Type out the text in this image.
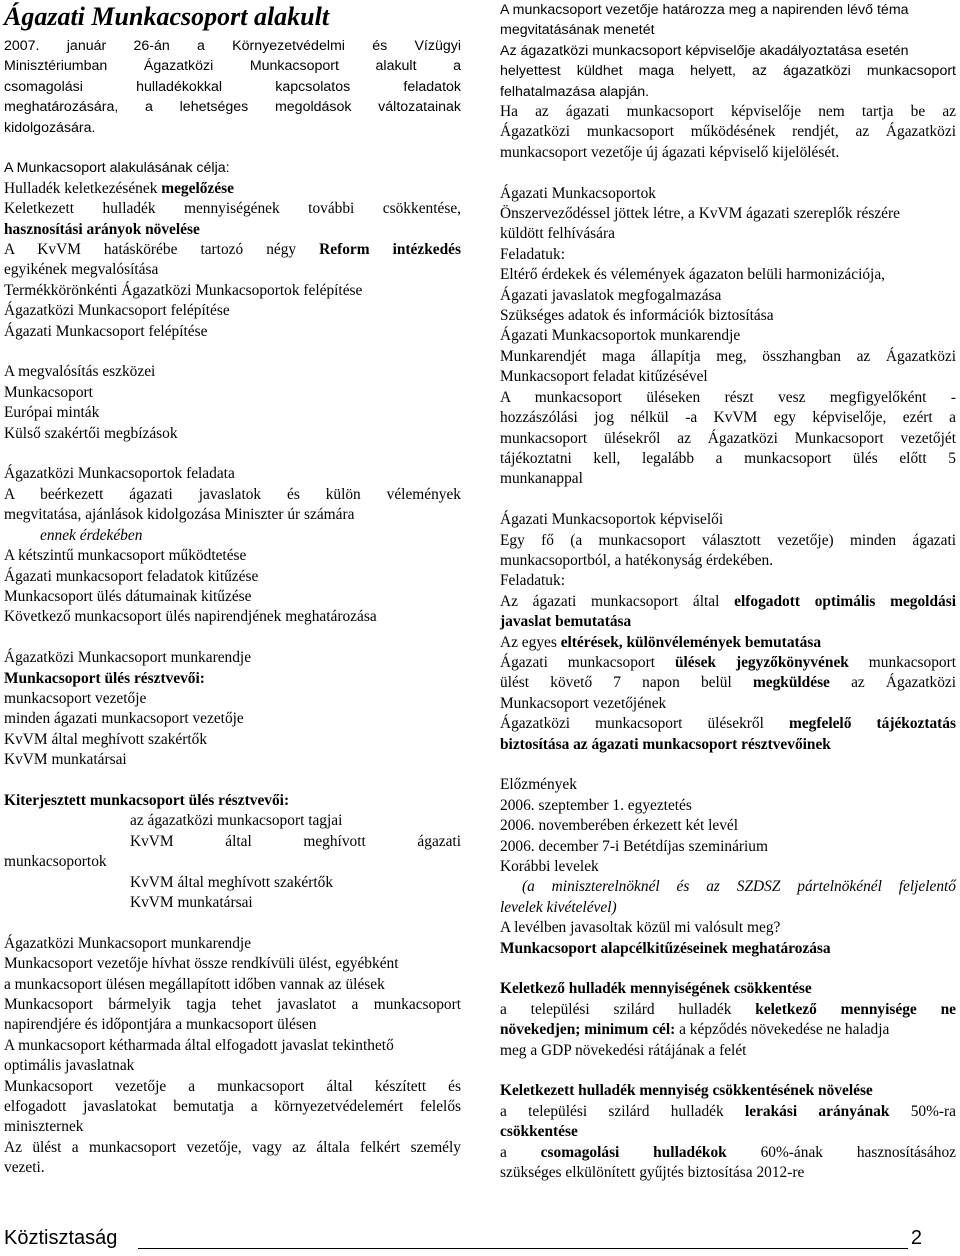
Ágazati Munkacsoport alakult
2007. január 26-án a Környezetvédelmi és Vízügyi
Minisztériumban Ágazatközi Munkacsoport alakult a
csomagolási hulladékokkal kapcsolatos feladatok
meghatározására, a lehetséges megoldások változatainak
kidolgozására.
A Munkacsoport alakulásának célja:
Hulladék keletkezésének megelőzése
Keletkezett hulladék mennyiségének további csökkentése,
hasznosítási arányok növelése
A KvVM hatáskörébe tartozó négy Reform intézkedés
egyikének megvalósítása
Termékkörönkénti Ágazatközi Munkacsoportok felépítése
Ágazatközi Munkacsoport felépítése
Ágazati Munkacsoport felépítése
A megvalósítás eszközei
Munkacsoport
Európai minták
Külső szakértői megbízások
Ágazatközi Munkacsoportok feladata
A beérkezett ágazati javaslatok és külön vélemények
megvitatása, ajánlások kidolgozása Miniszter úr számára
ennek érdekében
A kétszintű munkacsoport működtetése
Ágazati munkacsoport feladatok kitűzése
Munkacsoport ülés dátumainak kitűzése
Következő munkacsoport ülés napirendjének meghatározása
Ágazatközi Munkacsoport munkarendje
Munkacsoport ülés résztvevői:
munkacsoport vezetője
minden ágazati munkacsoport vezetője
KvVM által meghívott szakértők
KvVM munkatársai
Kiterjesztett munkacsoport ülés résztvevői:
az ágazatközi munkacsoport tagjai
KvVM által meghívott ágazati
munkacsoportok
KvVM által meghívott szakértők
KvVM munkatársai
Ágazatközi Munkacsoport munkarendje
Munkacsoport vezetője hívhat össze rendkívüli ülést, egyébként
a munkacsoport ülésen megállapított időben vannak az ülések
Munkacsoport bármelyik tagja tehet javaslatot a munkacsoport
napirendjére és időpontjára a munkacsoport ülésen
A munkacsoport kétharmada által elfogadott javaslat tekinthető
optimális javaslatnak
Munkacsoport vezetője a munkacsoport által készített és
elfogadott javaslatokat bemutatja a környezetvédelemért felelős
miniszternek
Az ülést a munkacsoport vezetője, vagy az általa felkért személy
vezeti.
A munkacsoport vezetője határozza meg a napirenden lévő téma
megvitatásának menetét
Az ágazatközi munkacsoport képviselője akadályoztatása esetén
helyettest küldhet maga helyett, az ágazatközi munkacsoport
felhatalmazása alapján.
Ha az ágazati munkacsoport képviselője nem tartja be az
Ágazatközi munkacsoport működésének rendjét, az Ágazatközi
munkacsoport vezetője új ágazati képviselő kijelölését.
Ágazati Munkacsoportok
Önszerveződéssel jöttek létre, a KvVM ágazati szereplők részére
küldött felhívására
Feladatuk:
Eltérő érdekek és vélemények ágazaton belüli harmonizációja,
Ágazati javaslatok megfogalmazása
Szükséges adatok és információk biztosítása
Ágazati Munkacsoportok munkarendje
Munkarendjét maga állapítja meg, összhangban az Ágazatközi
Munkacsoport feladat kitűzésével
A munkacsoport üléseken részt vesz megfigyelőként -
hozzászólási jog nélkül -a KvVM egy képviselője, ezért a
munkacsoport ülésekről az Ágazatközi Munkacsoport vezetőjét
tájékoztatni kell, legalább a munkacsoport ülés előtt 5
munkanappal
Ágazati Munkacsoportok képviselői
Egy fő (a munkacsoport választott vezetője) minden ágazati
munkacsoportból, a hatékonyság érdekében.
Feladatuk:
Az ágazati munkacsoport által elfogadott optimális megoldási
javaslat bemutatása
Az egyes eltérések, különvélemények bemutatása
Ágazati munkacsoport ülések jegyzőkönyvének munkacsoport
ülést követő 7 napon belül megküldése az Ágazatközi
Munkacsoport vezetőjének
Ágazatközi munkacsoport ülésekről megfelelő tájékoztatás
biztosítása az ágazati munkacsoport résztvevőinek
Előzmények
2006. szeptember 1. egyeztetés
2006. novemberében érkezett két levél
2006. december 7-i Betétdíjas szeminárium
Korábbi levelek
(a miniszterelnöknél és az SZDSZ pártelnökénél feljelentő
levelek kivételével)
A levélben javasoltak közül mi valósult meg?
Munkacsoport alapcélkitűzéseinek meghatározása
Keletkező hulladék mennyiségének csökkentése
a települési szilárd hulladék keletkező mennyisége ne
növekedjen; minimum cél: a képződés növekedése ne haladja
meg a GDP növekedési rátájának a felét
Keletkezett hulladék mennyiség csökkentésének növelése
a települési szilárd hulladék lerakási arányának 50%-ra
csökkentése
a csomagolási hulladékok 60%-ának hasznosításához
szükséges elkülönített gyűjtés biztosítása 2012-re
Köztisztaság	2
